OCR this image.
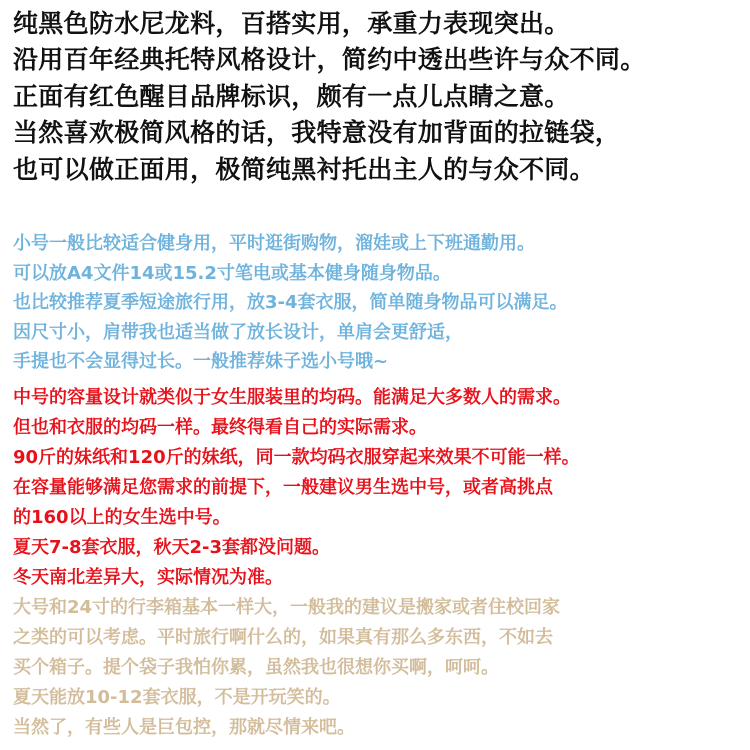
纯黑色防水尼龙料，百搭实用，承重力表现突出。
沿用百年经典托特风格设计，简约中透出些许与众不同。
正面有红色醒目品牌标识，颇有一点儿点睛之意。
当然喜欢极简风格的话，我特意没有加背面的拉链袋，
也可以做正面用，极简纯黑衬托出主人的与众不同。
小号一般比较适合健身用，平时逛街购物，溜娃或上下班通勤用。
可以放A4文件14或15.2寸笔电或基本健身随身物品。
也比较推荐夏季短途旅行用，放3-4套衣服，简单随身物品可以满足。
因尺寸小，肩带我也适当做了放长设计，单肩会更舒适，
手提也不会显得过长。一般推荐妹子选小号哦~
中号的容量设计就类似于女生服装里的均码。能满足大多数人的需求。
但也和衣服的均码一样。最终得看自己的实际需求。
90斤的妹纸和120斤的妹纸，同一款均码衣服穿起来效果不可能一样。
在容量能够满足您需求的前提下，一般建议男生选中号，或者高挑点
的160以上的女生选中号。
夏天7-8套衣服，秋天2-3套都没问题。
冬天南北差异大，实际情况为准。
大号和24寸的行李箱基本一样大，一般我的建议是搬家或者住校回家
之类的可以考虑。平时旅行啊什么的，如果真有那么多东西，不如去
买个箱子。提个袋子我怕你累，虽然我也很想你买啊，呵呵。
夏天能放10-12套衣服，不是开玩笑的。
当然了，有些人是巨包控，那就尽情来吧。
